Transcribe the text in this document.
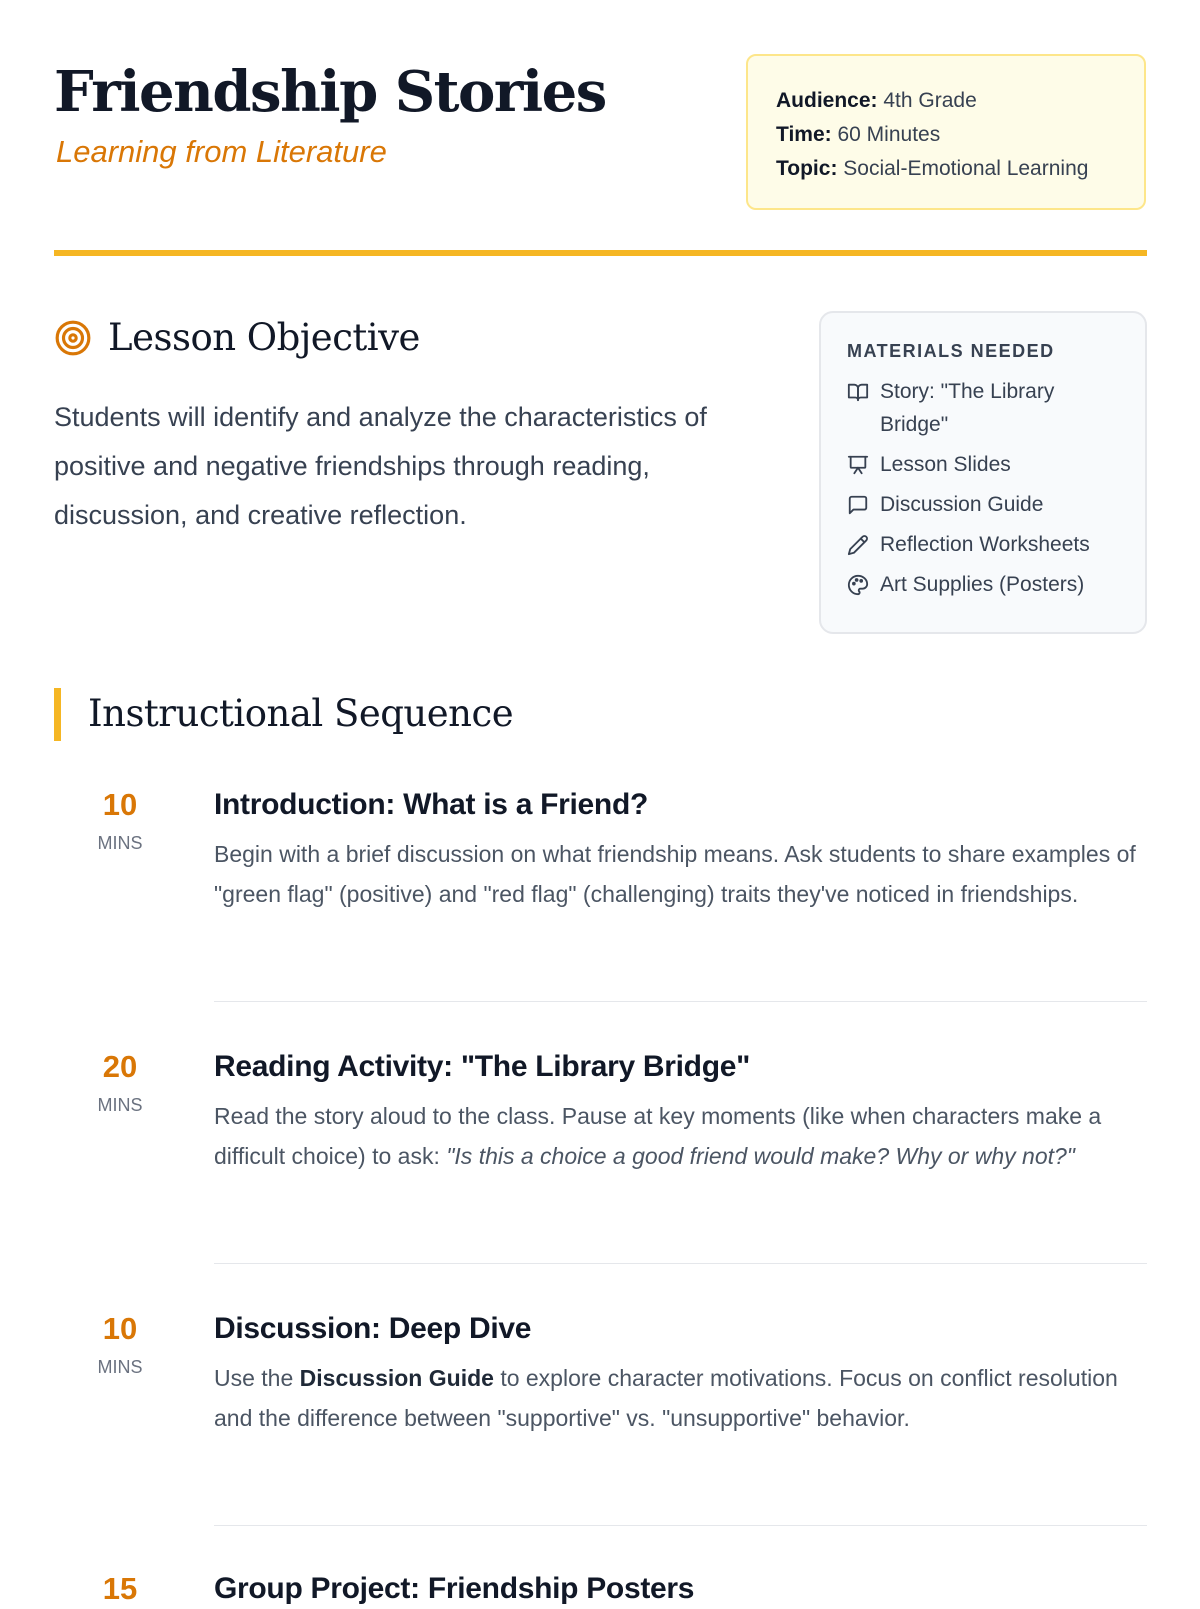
Friendship Stories

Learning from Literature

Audience: 4th Grade
Time: 60 Minutes
Topic: Social-Emotional Learning
Lesson Objective

Students will identify and analyze the characteristics of positive and negative friendships through reading, discussion, and creative reflection.

MATERIALS NEEDED
Story: "The Library Bridge"
Lesson Slides
Discussion Guide
Reflection Worksheets
Art Supplies (Posters)
Instructional Sequence
10
MINS
Introduction: What is a Friend?

Begin with a brief discussion on what friendship means. Ask students to share examples of "green flag" (positive) and "red flag" (challenging) traits they've noticed in friendships.

20
MINS
Reading Activity: "The Library Bridge"

Read the story aloud to the class. Pause at key moments (like when characters make a difficult choice) to ask: "Is this a choice a good friend would make? Why or why not?"

10
MINS
Discussion: Deep Dive

Use the Discussion Guide to explore character motivations. Focus on conflict resolution and the difference between "supportive" vs. "unsupportive" behavior.

15	Group Project: Friendship Posters
